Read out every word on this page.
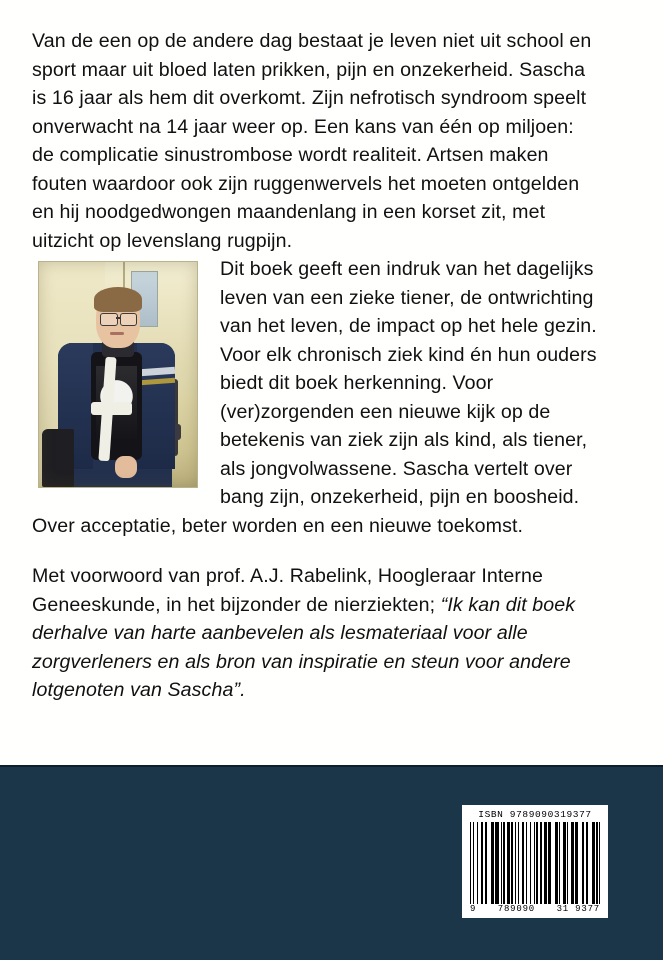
Van de een op de andere dag bestaat je leven niet uit school en sport maar uit bloed laten prikken, pijn en onzekerheid. Sascha is 16 jaar als hem dit overkomt. Zijn nefrotisch syndroom speelt onverwacht na 14 jaar weer op. Een kans van één op miljoen: de complicatie sinustrombose wordt realiteit. Artsen maken fouten waardoor ook zijn ruggenwervels het moeten ontgelden en hij noodgedwongen maandenlang in een korset zit, met uitzicht op levenslang rugpijn.

Dit boek geeft een indruk van het dagelijks leven van een zieke tiener, de ontwrichting van het leven, de impact op het hele gezin. Voor elk chronisch ziek kind én hun ouders biedt dit boek herkenning. Voor (ver)zorgenden een nieuwe kijk op de betekenis van ziek zijn als kind, als tiener, als jongvolwassene. Sascha vertelt over bang zijn, onzekerheid, pijn en boosheid. Over acceptatie, beter worden en een nieuwe toekomst.

Met voorwoord van prof. A.J. Rabelink, Hoogleraar Interne Geneeskunde, in het bijzonder de nierziekten; “Ik kan dit boek derhalve van harte aanbevelen als lesmateriaal voor alle zorgverleners en als bron van inspiratie en steun voor andere lotgenoten van Sascha”.

ISBN 9789090319377
9 789090 31 9377
